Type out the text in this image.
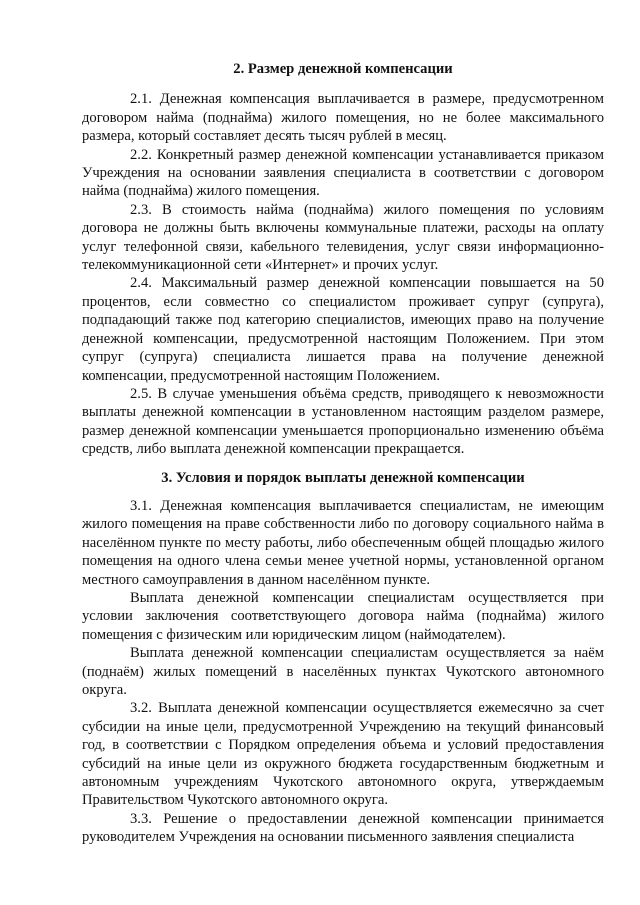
2. Размер денежной компенсации

2.1. Денежная компенсация выплачивается в размере, предусмотренном договором найма (поднайма) жилого помещения, но не более максимального размера, который составляет десять тысяч рублей в месяц.

2.2. Конкретный размер денежной компенсации устанавливается приказом Учреждения на основании заявления специалиста в соответствии с договором найма (поднайма) жилого помещения.

2.3. В стоимость найма (поднайма) жилого помещения по условиям договора не должны быть включены коммунальные платежи, расходы на оплату услуг телефонной связи, кабельного телевидения, услуг связи информационно-телекоммуникационной сети «Интернет» и прочих услуг.

2.4. Максимальный размер денежной компенсации повышается на 50 процентов, если совместно со специалистом проживает супруг (супруга), подпадающий также под категорию специалистов, имеющих право на получение денежной компенсации, предусмотренной настоящим Положением. При этом супруг (супруга) специалиста лишается права на получение денежной компенсации, предусмотренной настоящим Положением.

2.5. В случае уменьшения объёма средств, приводящего к невозможности выплаты денежной компенсации в установленном настоящим разделом размере, размер денежной компенсации уменьшается пропорционально изменению объёма средств, либо выплата денежной компенсации прекращается.

3. Условия и порядок выплаты денежной компенсации

3.1. Денежная компенсация выплачивается специалистам, не имеющим жилого помещения на праве собственности либо по договору социального найма в населённом пункте по месту работы, либо обеспеченным общей площадью жилого помещения на одного члена семьи менее учетной нормы, установленной органом местного самоуправления в данном населённом пункте.

Выплата денежной компенсации специалистам осуществляется при условии заключения соответствующего договора найма (поднайма) жилого помещения с физическим или юридическим лицом (наймодателем).

Выплата денежной компенсации специалистам осуществляется за наём (поднаём) жилых помещений в населённых пунктах Чукотского автономного округа.

3.2. Выплата денежной компенсации осуществляется ежемесячно за счет субсидии на иные цели, предусмотренной Учреждению на текущий финансовый год, в соответствии с Порядком определения объема и условий предоставления субсидий на иные цели из окружного бюджета государственным бюджетным и автономным учреждениям Чукотского автономного округа, утверждаемым Правительством Чукотского автономного округа.

3.3. Решение о предоставлении денежной компенсации принимается руководителем Учреждения на основании письменного заявления специалиста
